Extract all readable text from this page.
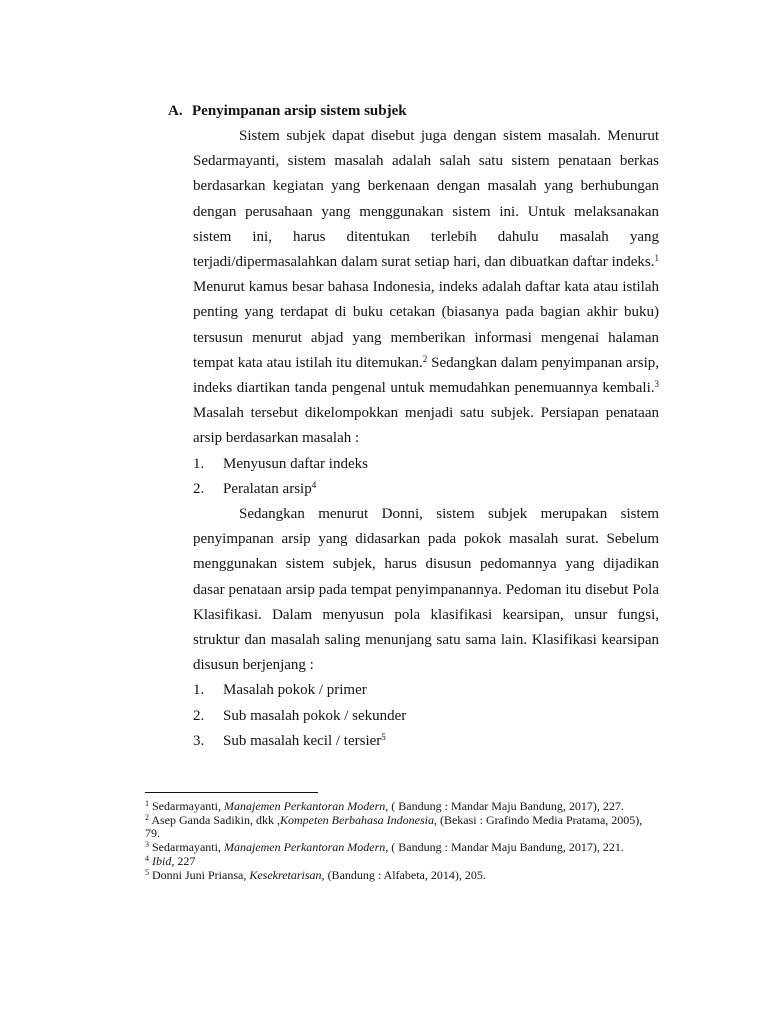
A. Penyimpanan arsip sistem subjek

Sistem subjek dapat disebut juga dengan sistem masalah. Menurut Sedarmayanti, sistem masalah adalah salah satu sistem penataan berkas berdasarkan kegiatan yang berkenaan dengan masalah yang berhubungan dengan perusahaan yang menggunakan sistem ini. Untuk melaksanakan sistem ini, harus ditentukan terlebih dahulu masalah yang terjadi/dipermasalahkan dalam surat setiap hari, dan dibuatkan daftar indeks.$^1$ Menurut kamus besar bahasa Indonesia, indeks adalah daftar kata atau istilah penting yang terdapat di buku cetakan (biasanya pada bagian akhir buku) tersusun menurut abjad yang memberikan informasi mengenai halaman tempat kata atau istilah itu ditemukan.$^2$ Sedangkan dalam penyimpanan arsip, indeks diartikan tanda pengenal untuk memudahkan penemuannya kembali.$^3$ Masalah tersebut dikelompokkan menjadi satu subjek. Persiapan penataan arsip berdasarkan masalah :

1.	Menyusun daftar indeks
2.	Peralatan arsip$^4$

Sedangkan menurut Donni, sistem subjek merupakan sistem penyimpanan arsip yang didasarkan pada pokok masalah surat. Sebelum menggunakan sistem subjek, harus disusun pedomannya yang dijadikan dasar penataan arsip pada tempat penyimpanannya. Pedoman itu disebut Pola Klasifikasi. Dalam menyusun pola klasifikasi kearsipan, unsur fungsi, struktur dan masalah saling menunjang satu sama lain. Klasifikasi kearsipan disusun berjenjang :

1.	Masalah pokok / primer
2.	Sub masalah pokok / sekunder
3.	Sub masalah kecil / tersier$^5$

$^1$ Sedarmayanti, Manajemen Perkantoran Modern, ( Bandung : Mandar Maju Bandung, 2017), 227.

$^2$ Asep Ganda Sadikin, dkk ,Kompeten Berbahasa Indonesia, (Bekasi : Grafindo Media Pratama, 2005), 79.

$^3$ Sedarmayanti, Manajemen Perkantoran Modern, ( Bandung : Mandar Maju Bandung, 2017), 221.

$^4$ Ibid, 227

$^5$ Donni Juni Priansa, Kesekretarisan, (Bandung : Alfabeta, 2014), 205.
